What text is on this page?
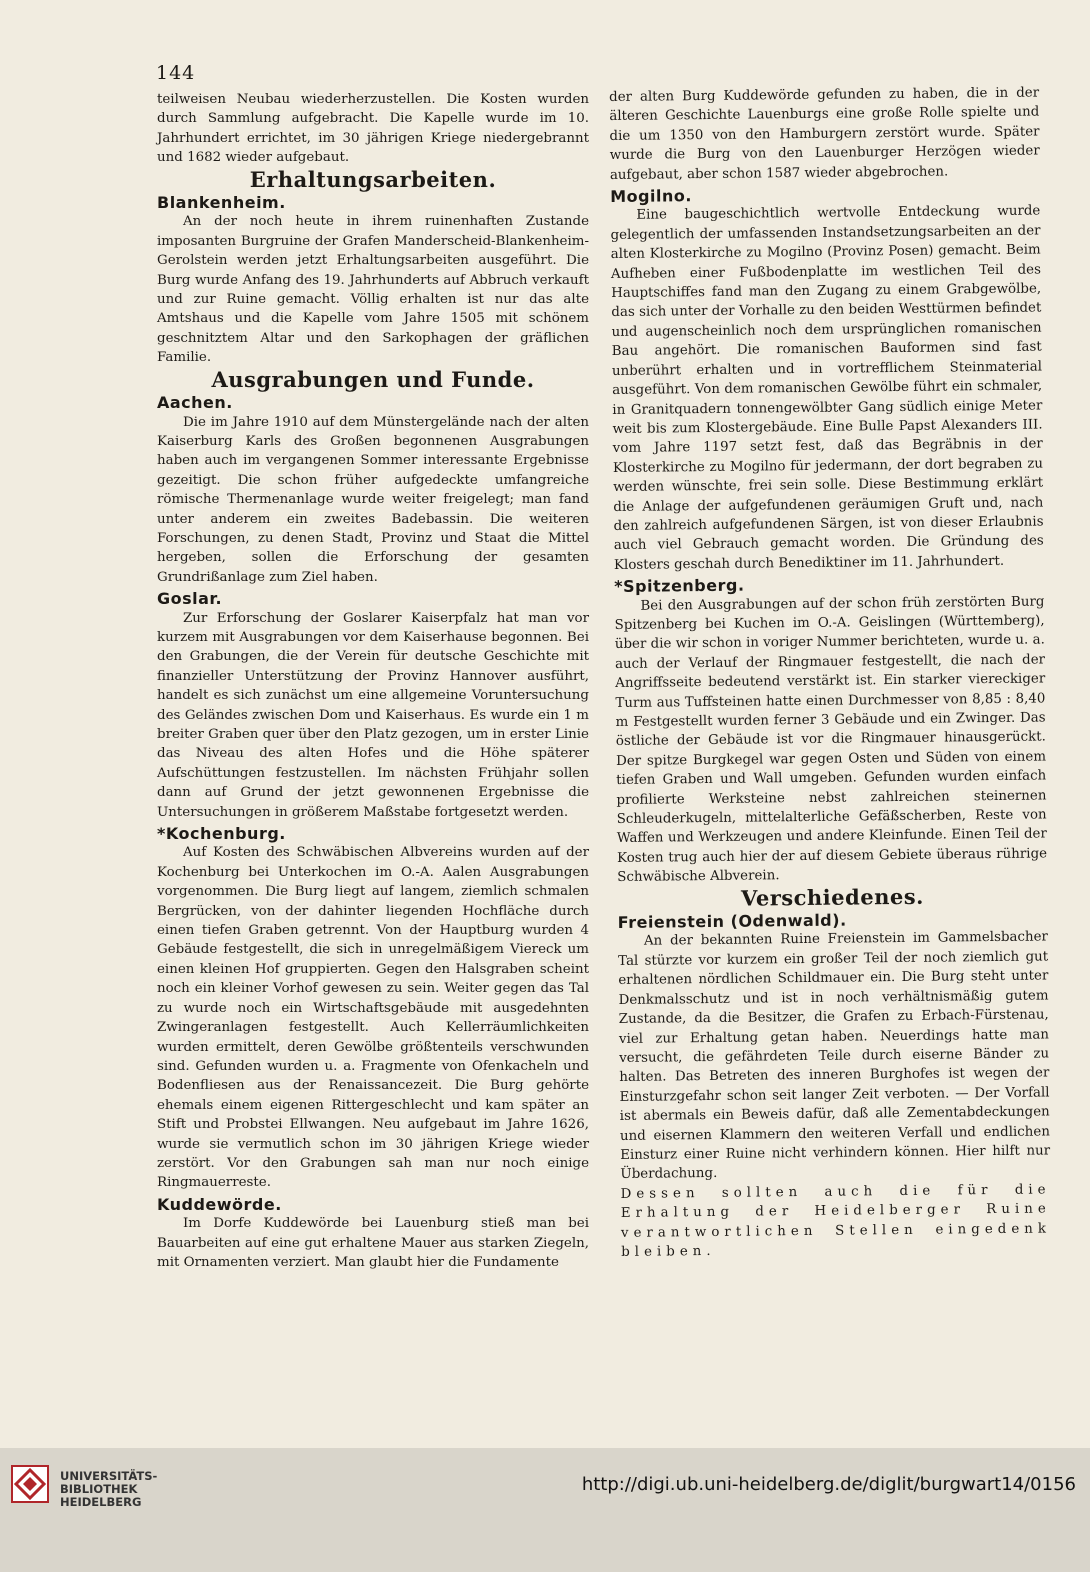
144

teilweisen Neubau wiederherzustellen. Die Kosten wurden durch Sammlung aufgebracht. Die Kapelle wurde im 10. Jahrhundert errichtet, im 30 jährigen Kriege niedergebrannt und 1682 wieder aufgebaut.

Erhaltungsarbeiten.
Blankenheim.

An der noch heute in ihrem ruinenhaften Zustande imposanten Burgruine der Grafen Manderscheid-Blankenheim-Gerolstein werden jetzt Erhaltungsarbeiten ausgeführt. Die Burg wurde Anfang des 19. Jahrhunderts auf Abbruch verkauft und zur Ruine gemacht. Völlig erhalten ist nur das alte Amtshaus und die Kapelle vom Jahre 1505 mit schönem geschnitztem Altar und den Sarkophagen der gräflichen Familie.

Ausgrabungen und Funde.
Aachen.

Die im Jahre 1910 auf dem Münstergelände nach der alten Kaiserburg Karls des Großen begonnenen Ausgrabungen haben auch im vergangenen Sommer interessante Ergebnisse gezeitigt. Die schon früher aufgedeckte umfangreiche römische Thermenanlage wurde weiter freigelegt; man fand unter anderem ein zweites Badebassin. Die weiteren Forschungen, zu denen Stadt, Provinz und Staat die Mittel hergeben, sollen die Erforschung der gesamten Grundrißanlage zum Ziel haben.

Goslar.

Zur Erforschung der Goslarer Kaiserpfalz hat man vor kurzem mit Ausgrabungen vor dem Kaiserhause begonnen. Bei den Grabungen, die der Verein für deutsche Geschichte mit finanzieller Unterstützung der Provinz Hannover ausführt, handelt es sich zunächst um eine allgemeine Voruntersuchung des Geländes zwischen Dom und Kaiserhaus. Es wurde ein 1 m breiter Graben quer über den Platz gezogen, um in erster Linie das Niveau des alten Hofes und die Höhe späterer Aufschüttungen festzustellen. Im nächsten Frühjahr sollen dann auf Grund der jetzt gewonnenen Ergebnisse die Untersuchungen in größerem Maßstabe fortgesetzt werden.

*Kochenburg.

Auf Kosten des Schwäbischen Albvereins wurden auf der Kochenburg bei Unterkochen im O.-A. Aalen Ausgrabungen vorgenommen. Die Burg liegt auf langem, ziemlich schmalen Bergrücken, von der dahinter liegenden Hochfläche durch einen tiefen Graben getrennt. Von der Hauptburg wurden 4 Gebäude festgestellt, die sich in unregelmäßigem Viereck um einen kleinen Hof gruppierten. Gegen den Halsgraben scheint noch ein kleiner Vorhof gewesen zu sein. Weiter gegen das Tal zu wurde noch ein Wirtschaftsgebäude mit ausgedehnten Zwingeranlagen festgestellt. Auch Kellerräumlichkeiten wurden ermittelt, deren Gewölbe größtenteils verschwunden sind. Gefunden wurden u. a. Fragmente von Ofenkacheln und Bodenfliesen aus der Renaissancezeit. Die Burg gehörte ehemals einem eigenen Rittergeschlecht und kam später an Stift und Probstei Ellwangen. Neu aufgebaut im Jahre 1626, wurde sie vermutlich schon im 30 jährigen Kriege wieder zerstört. Vor den Grabungen sah man nur noch einige Ringmauerreste.

Kuddewörde.

Im Dorfe Kuddewörde bei Lauenburg stieß man bei Bauarbeiten auf eine gut erhaltene Mauer aus starken Ziegeln, mit Ornamenten verziert. Man glaubt hier die Fundamente

der alten Burg Kuddewörde gefunden zu haben, die in der älteren Geschichte Lauenburgs eine große Rolle spielte und die um 1350 von den Hamburgern zerstört wurde. Später wurde die Burg von den Lauenburger Herzögen wieder aufgebaut, aber schon 1587 wieder abgebrochen.

Mogilno.

Eine baugeschichtlich wertvolle Entdeckung wurde gelegentlich der umfassenden Instandsetzungsarbeiten an der alten Klosterkirche zu Mogilno (Provinz Posen) gemacht. Beim Aufheben einer Fußbodenplatte im westlichen Teil des Hauptschiffes fand man den Zugang zu einem Grabgewölbe, das sich unter der Vorhalle zu den beiden Westtürmen befindet und augenscheinlich noch dem ursprünglichen romanischen Bau angehört. Die romanischen Bauformen sind fast unberührt erhalten und in vortrefflichem Steinmaterial ausgeführt. Von dem romanischen Gewölbe führt ein schmaler, in Granitquadern tonnengewölbter Gang südlich einige Meter weit bis zum Klostergebäude. Eine Bulle Papst Alexanders III. vom Jahre 1197 setzt fest, daß das Begräbnis in der Klosterkirche zu Mogilno für jedermann, der dort begraben zu werden wünschte, frei sein solle. Diese Bestimmung erklärt die Anlage der aufgefundenen geräumigen Gruft und, nach den zahlreich aufgefundenen Särgen, ist von dieser Erlaubnis auch viel Gebrauch gemacht worden. Die Gründung des Klosters geschah durch Benediktiner im 11. Jahrhundert.

*Spitzenberg.

Bei den Ausgrabungen auf der schon früh zerstörten Burg Spitzenberg bei Kuchen im O.-A. Geislingen (Württemberg), über die wir schon in voriger Nummer berichteten, wurde u. a. auch der Verlauf der Ringmauer festgestellt, die nach der Angriffsseite bedeutend verstärkt ist. Ein starker viereckiger Turm aus Tuffsteinen hatte einen Durchmesser von 8,85 : 8,40 m Festgestellt wurden ferner 3 Gebäude und ein Zwinger. Das östliche der Gebäude ist vor die Ringmauer hinausgerückt. Der spitze Burgkegel war gegen Osten und Süden von einem tiefen Graben und Wall umgeben. Gefunden wurden einfach profilierte Werksteine nebst zahlreichen steinernen Schleuderkugeln, mittelalterliche Gefäßscherben, Reste von Waffen und Werkzeugen und andere Kleinfunde. Einen Teil der Kosten trug auch hier der auf diesem Gebiete überaus rührige Schwäbische Albverein.

Verschiedenes.
Freienstein (Odenwald).

An der bekannten Ruine Freienstein im Gammelsbacher Tal stürzte vor kurzem ein großer Teil der noch ziemlich gut erhaltenen nördlichen Schildmauer ein. Die Burg steht unter Denkmalsschutz und ist in noch verhältnismäßig gutem Zustande, da die Besitzer, die Grafen zu Erbach-Fürstenau, viel zur Erhaltung getan haben. Neuerdings hatte man versucht, die gefährdeten Teile durch eiserne Bänder zu halten. Das Betreten des inneren Burghofes ist wegen der Einsturzgefahr schon seit langer Zeit verboten. — Der Vorfall ist abermals ein Beweis dafür, daß alle Zementabdeckungen und eisernen Klammern den weiteren Verfall und endlichen Einsturz einer Ruine nicht verhindern können. Hier hilft nur Überdachung.

Dessen sollten auch die für die Erhaltung der Heidelberger Ruine verantwortlichen Stellen eingedenk bleiben.

UNIVERSITÄTS-
BIBLIOTHEK
HEIDELBERG
http://digi.ub.uni-heidelberg.de/diglit/burgwart14/0156
